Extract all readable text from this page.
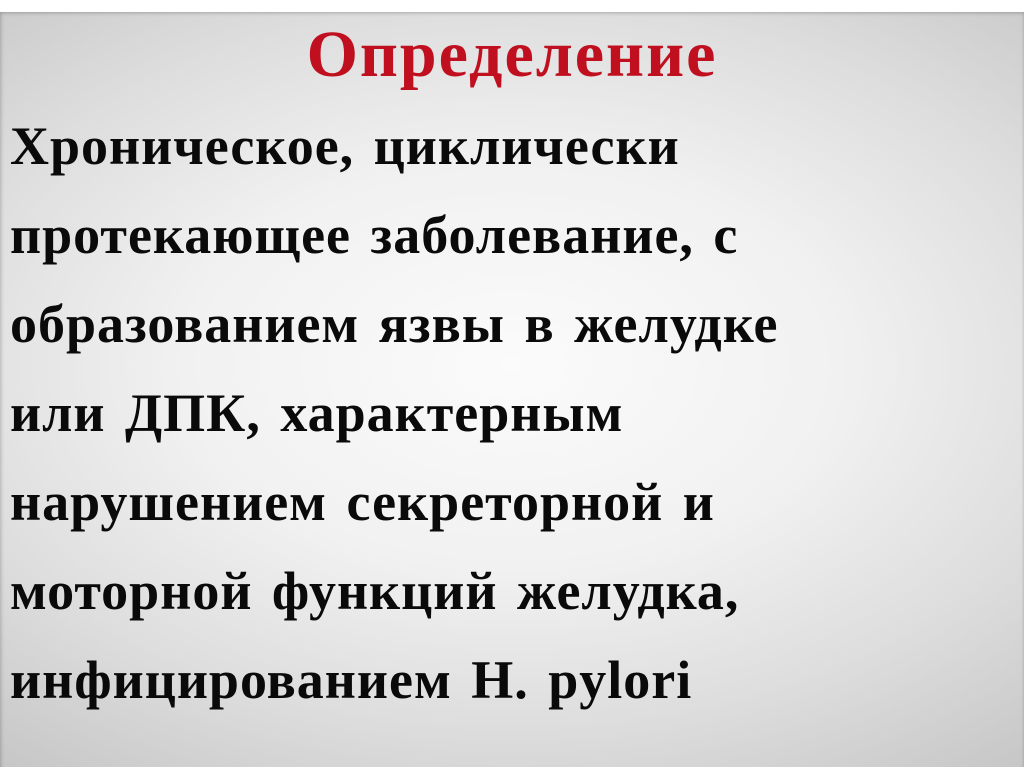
Определение
Хроническое, циклически
протекающее заболевание, с
образованием язвы в желудке
или ДПК, характерным
нарушением секреторной и
моторной функций желудка,
инфицированием H. pylori
